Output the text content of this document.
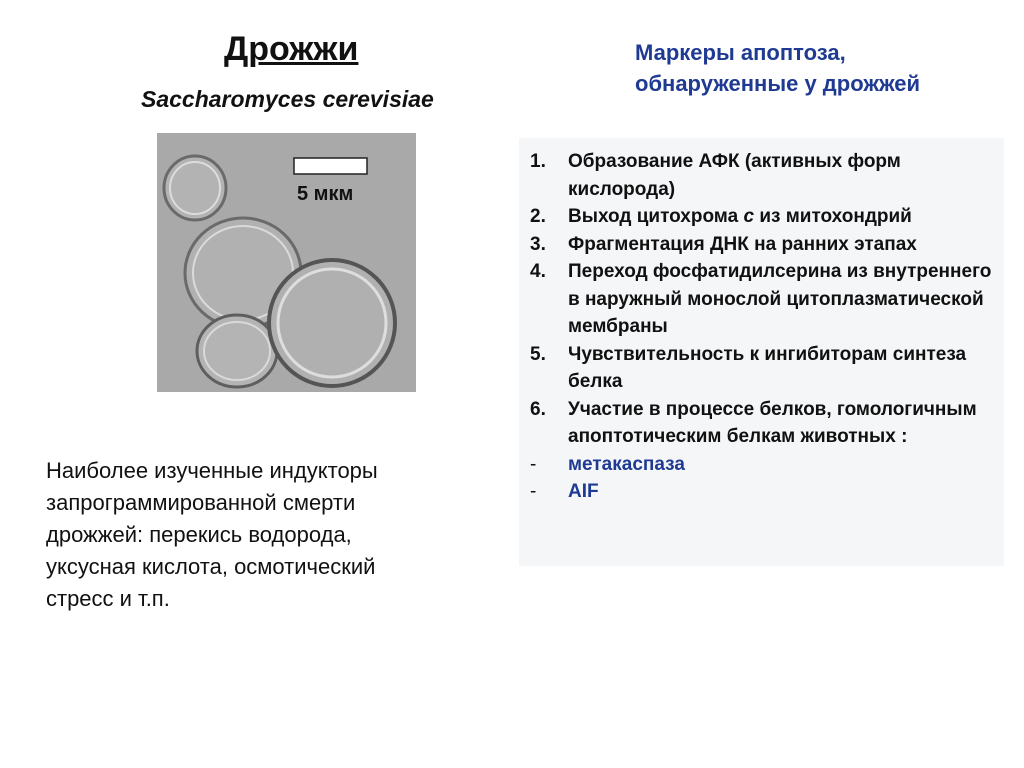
Дрожжи
Saccharomyces cerevisiae
5 мкм
Маркеры апоптоза,
обнаруженные у дрожжей
1.	Образование АФК (активных форм кислорода)
2.	Выход цитохрома с из митохондрий
3.	Фрагментация ДНК на ранних этапах
4.	Переход фосфатидилсерина из внутреннего в наружный монослой цитоплазматической мембраны
5.	Чувствительность к ингибиторам синтеза белка
6.	Участие в процессе белков, гомологичным апоптотическим белкам животных :
-	метакаспаза
-	AIF
Наиболее изученные индукторы запрограммированной смерти дрожжей: перекись водорода, уксусная кислота, осмотический стресс и т.п.
